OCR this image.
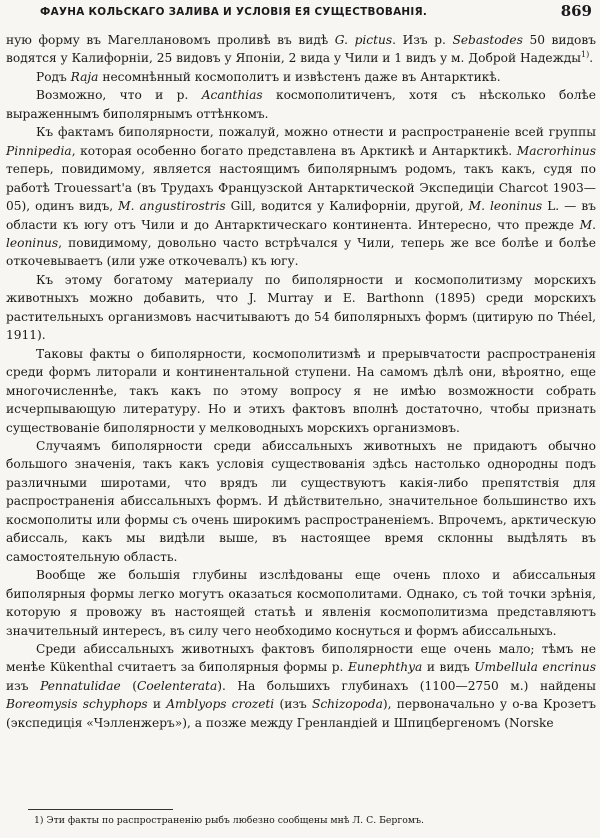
ФАУНА КОЛЬСКАГО ЗАЛИВА И УСЛОВІЯ ЕЯ СУЩЕСТВОВАНІЯ.	869

ную форму въ Магеллановомъ проливѣ въ видѣ G. pictus. Изъ р. Sebastodes 50 видовъ водятся у Калифорніи, 25 видовъ у Японіи, 2 вида у Чили и 1 видъ у м. Доброй Надежды$^{1)}$.

Родъ Raja несомнѣнный космополитъ и извѣстенъ даже въ Антарктикѣ.

Возможно, что и р. Acanthias космополитиченъ, хотя съ нѣсколько болѣе выраженнымъ биполярнымъ оттѣнкомъ.

Къ фактамъ биполярности, пожалуй, можно отнести и распространеніе всей группы Pinnipedia, которая особенно богато представлена въ Арктикѣ и Антарктикѣ. Macrorhinus теперь, повидимому, является настоящимъ биполярнымъ родомъ, такъ какъ, судя по работѣ Trouessart'a (въ Трудахъ Французской Антарктической Экспедиціи Charcot 1903—05), одинъ видъ, M. angustirostris Gill, водится у Калифорніи, другой, M. leoninus L. — въ области къ югу отъ Чили и до Антарктическаго континента. Интересно, что прежде M. leoninus, повидимому, довольно часто встрѣчался у Чили, теперь же все болѣе и болѣе откочевываетъ (или уже откочевалъ) къ югу.

Къ этому богатому материалу по биполярности и космополитизму морскихъ животныхъ можно добавить, что J. Murray и E. Barthonn (1895) среди морскихъ растительныхъ организмовъ насчитываютъ до 54 биполярныхъ формъ (цитирую по Théel, 1911).

Таковы факты о биполярности, космополитизмѣ и прерывчатости распространенія среди формъ литорали и континентальной ступени. На самомъ дѣлѣ они, вѣроятно, еще многочисленнѣе, такъ какъ по этому вопросу я не имѣю возможности собрать исчерпывающую литературу. Но и этихъ фактовъ вполнѣ достаточно, чтобы признать существованіе биполярности у мелководныхъ морскихъ организмовъ.

Случаямъ биполярности среди абиссальныхъ животныхъ не придаютъ обычно большого значенія, такъ какъ условія существованія здѣсь настолько однородны подъ различными широтами, что врядъ ли существуютъ какія-либо препятствія для распространенія абиссальныхъ формъ. И дѣйствительно, значительное большинство ихъ космополиты или формы съ очень широкимъ распространеніемъ. Впрочемъ, арктическую абиссаль, какъ мы видѣли выше, въ настоящее время склонны выдѣлять въ самостоятельную область.

Вообще же большія глубины изслѣдованы еще очень плохо и абиссальныя биполярныя формы легко могутъ оказаться космополитами. Однако, съ той точки зрѣнія, которую я провожу въ настоящей статьѣ и явленія космополитизма представляютъ значительный интересъ, въ силу чего необходимо коснуться и формъ абиссальныхъ.

Среди абиссальныхъ животныхъ фактовъ биполярности еще очень мало; тѣмъ не менѣе Kükenthal считаетъ за биполярныя формы р. Eunephthya и видъ Umbellula encrinus изъ Pennatulidae (Coelenterata). На большихъ глубинахъ (1100—2750 м.) найдены Boreomysis schyphops и Amblyops crozeti (изъ Schizopoda), первоначально у о-ва Крозетъ (экспедиція «Чэлленжеръ»), а позже между Гренландіей и Шпицбергеномъ (Norske

1) Эти факты по распространенію рыбъ любезно сообщены мнѣ Л. С. Бергомъ.
